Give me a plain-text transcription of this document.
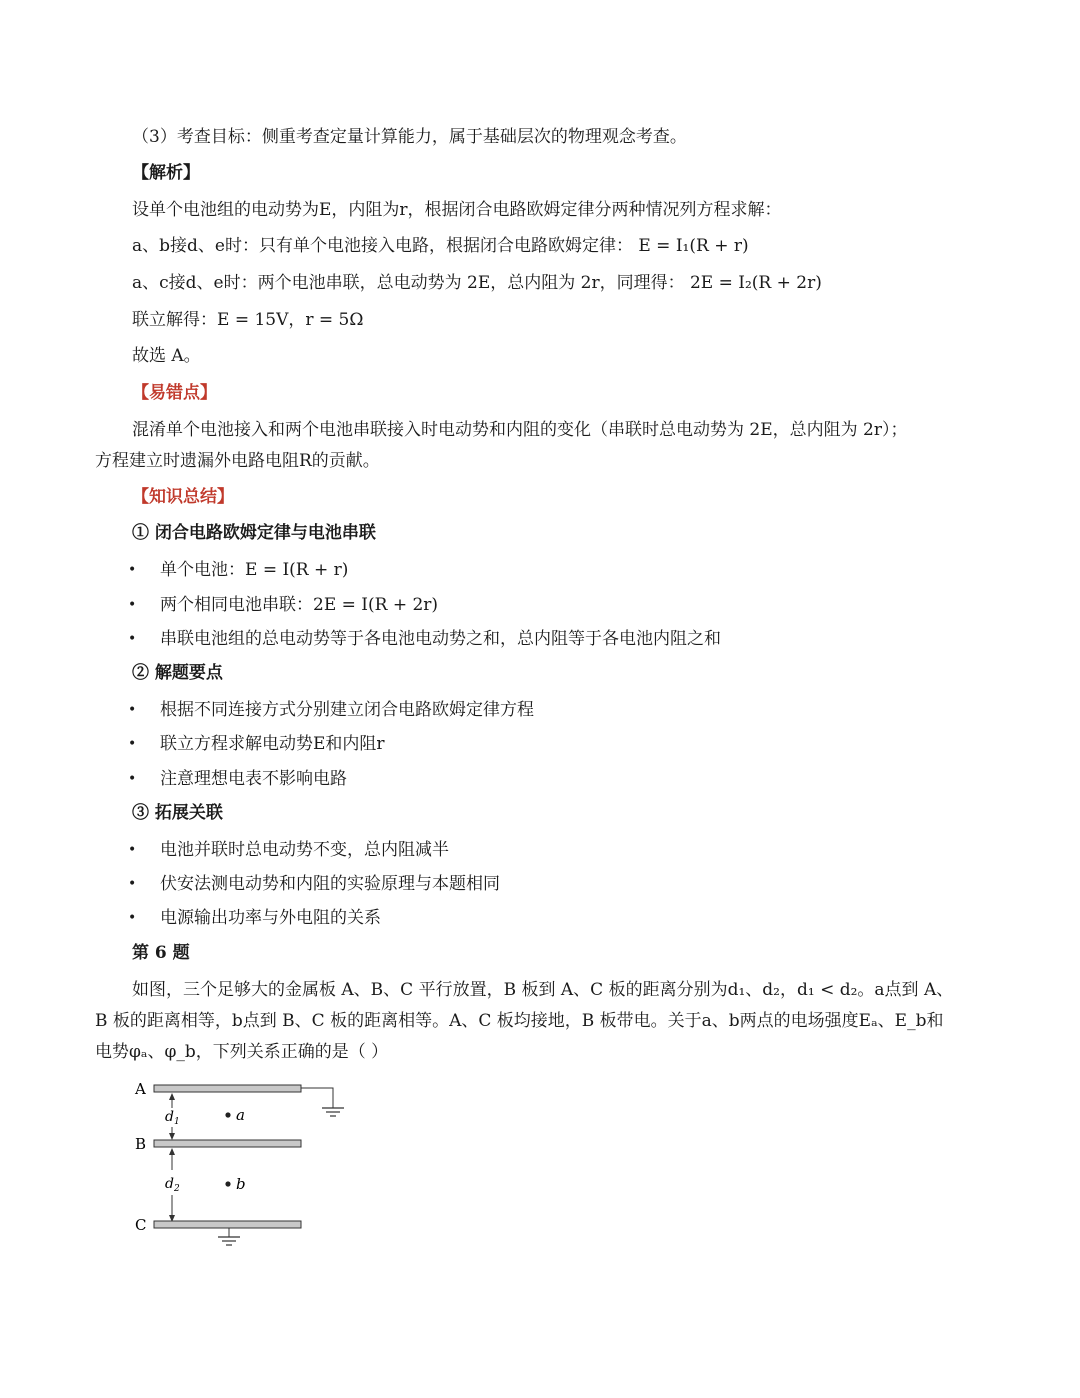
（3）考查目标：侧重考查定量计算能力，属于基础层次的物理观念考查。
【解析】
设单个电池组的电动势为E，内阻为r，根据闭合电路欧姆定律分两种情况列方程求解：
a、b接d、e时：只有单个电池接入电路，根据闭合电路欧姆定律： E = I₁(R + r)
a、c接d、e时：两个电池串联，总电动势为 2E，总内阻为 2r，同理得： 2E = I₂(R + 2r)
联立解得：E = 15V，r = 5Ω
故选 A。
【易错点】
混淆单个电池接入和两个电池串联接入时电动势和内阻的变化（串联时总电动势为 2E，总内阻为 2r）；
方程建立时遗漏外电路电阻R的贡献。
【知识总结】
① 闭合电路欧姆定律与电池串联
• 单个电池：E = I(R + r)
• 两个相同电池串联：2E = I(R + 2r)
• 串联电池组的总电动势等于各电池电动势之和，总内阻等于各电池内阻之和
② 解题要点
• 根据不同连接方式分别建立闭合电路欧姆定律方程
• 联立方程求解电动势E和内阻r
• 注意理想电表不影响电路
③ 拓展关联
• 电池并联时总电动势不变，总内阻减半
• 伏安法测电动势和内阻的实验原理与本题相同
• 电源输出功率与外电阻的关系
第 6 题
如图，三个足够大的金属板 A、B、C 平行放置，B 板到 A、C 板的距离分别为d₁、d₂，d₁ < d₂。a点到 A、
B 板的距离相等，b点到 B、C 板的距离相等。A、C 板均接地，B 板带电。关于a、b两点的电场强度Eₐ、E_b和
电势φₐ、φ_b，下列关系正确的是（ ）
A
$d_1$	a
B
$d_2$	b
C
